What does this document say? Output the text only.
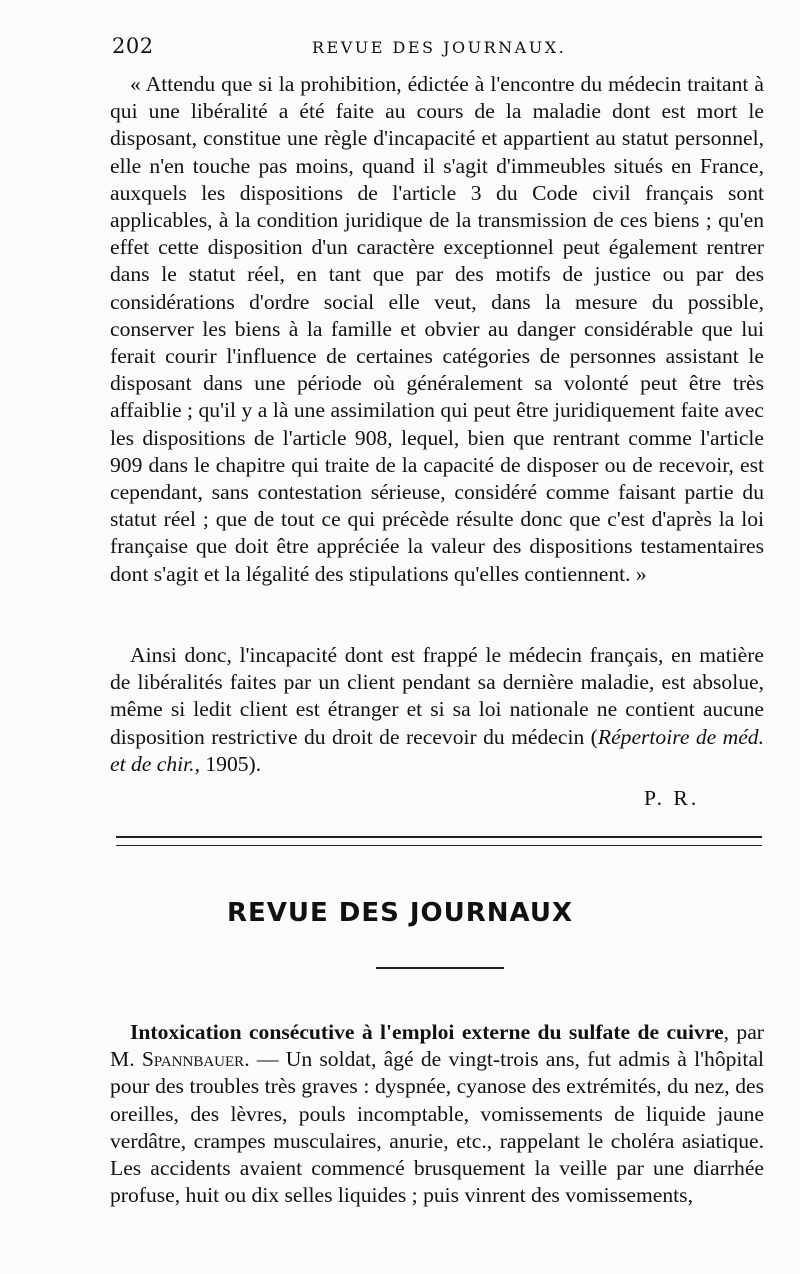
202	REVUE DES JOURNAUX.

« Attendu que si la prohibition, édictée à l'encontre du médecin traitant à qui une libéralité a été faite au cours de la maladie dont est mort le disposant, constitue une règle d'incapacité et appartient au statut personnel, elle n'en touche pas moins, quand il s'agit d'immeubles situés en France, auxquels les dispositions de l'article 3 du Code civil français sont applicables, à la condition juridique de la transmission de ces biens ; qu'en effet cette disposition d'un caractère exceptionnel peut également rentrer dans le statut réel, en tant que par des motifs de justice ou par des considérations d'ordre social elle veut, dans la mesure du possible, conserver les biens à la famille et obvier au danger considérable que lui ferait courir l'influence de certaines catégories de personnes assistant le disposant dans une période où généralement sa volonté peut être très affaiblie ; qu'il y a là une assimilation qui peut être juridiquement faite avec les dispositions de l'article 908, lequel, bien que rentrant comme l'article 909 dans le chapitre qui traite de la capacité de disposer ou de recevoir, est cependant, sans contestation sérieuse, considéré comme faisant partie du statut réel ; que de tout ce qui précède résulte donc que c'est d'après la loi française que doit être appréciée la valeur des dispositions testamentaires dont s'agit et la légalité des stipulations qu'elles contiennent. »

Ainsi donc, l'incapacité dont est frappé le médecin français, en matière de libéralités faites par un client pendant sa dernière maladie, est absolue, même si ledit client est étranger et si sa loi nationale ne contient aucune disposition restrictive du droit de recevoir du médecin (Répertoire de méd. et de chir., 1905).

P. R.
REVUE DES JOURNAUX

Intoxication consécutive à l'emploi externe du sulfate de cuivre, par M. Spannbauer. — Un soldat, âgé de vingt-trois ans, fut admis à l'hôpital pour des troubles très graves : dyspnée, cyanose des extrémités, du nez, des oreilles, des lèvres, pouls incomptable, vomissements de liquide jaune verdâtre, crampes musculaires, anurie, etc., rappelant le choléra asiatique. Les accidents avaient commencé brusquement la veille par une diarrhée profuse, huit ou dix selles liquides ; puis vinrent des vomissements,
